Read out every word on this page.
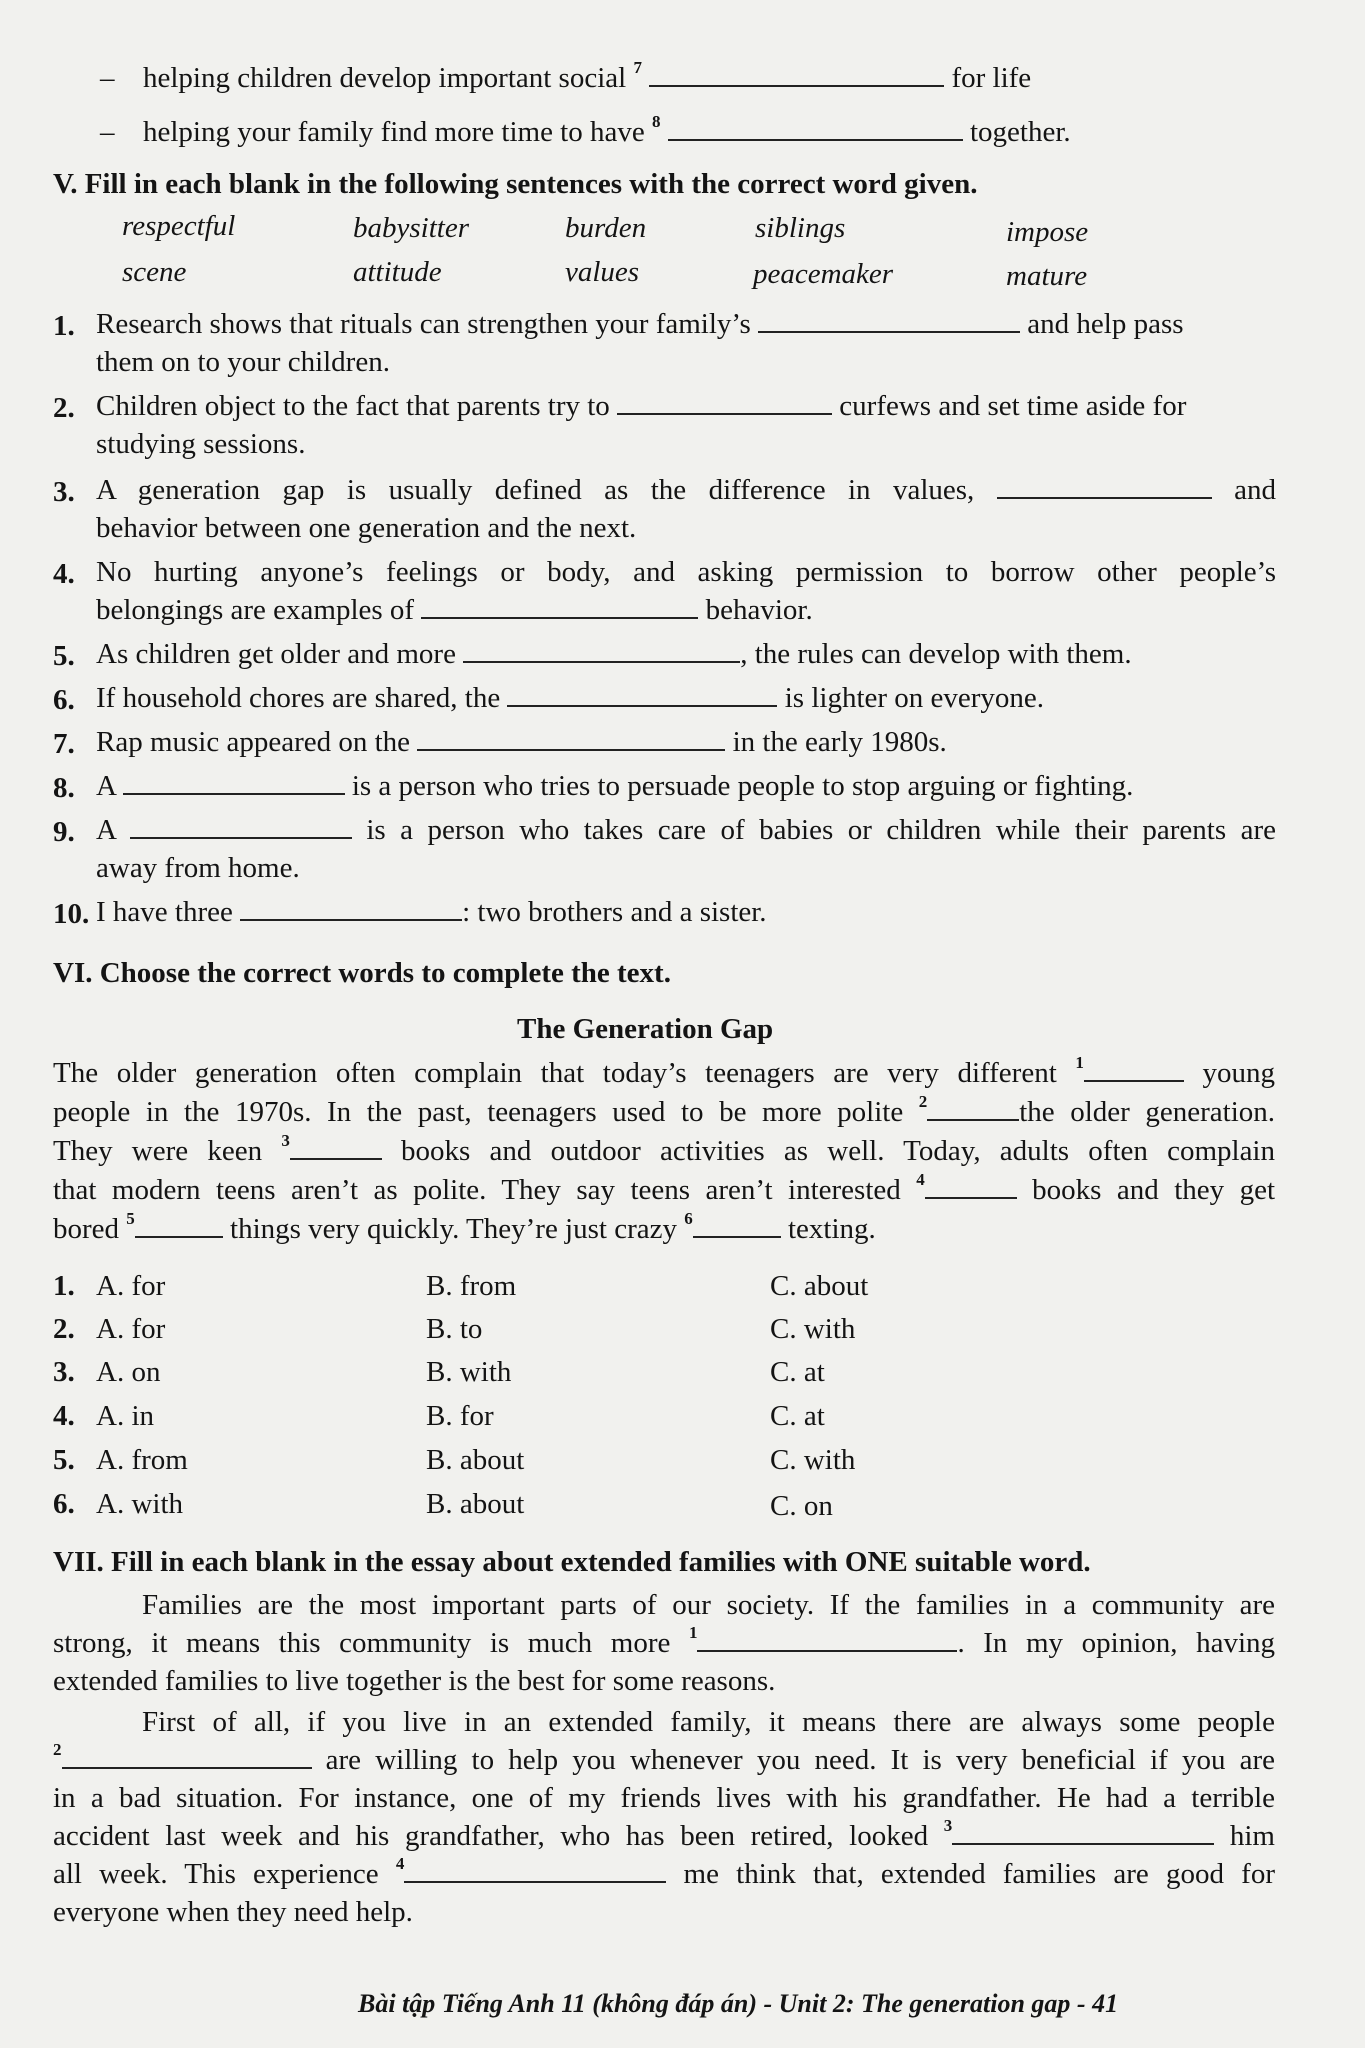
– helping children develop important social $^7$	for life
– helping your family find more time to have $^8$	together.
V. Fill in each blank in the following sentences with the correct word given.
respectful	babysitter	burden	siblings	impose
scene	attitude	values	peacemaker	mature
1. Research shows that rituals can strengthen your family’s	and help pass
them on to your children.
2. Children object to the fact that parents try to	curfews and set time aside for
studying sessions.
3. A generation gap is usually defined as the difference in values,	and
behavior between one generation and the next.
4. No hurting anyone’s feelings or body, and asking permission to borrow other people’s
belongings are examples of	behavior.
5. As children get older and more	, the rules can develop with them.
6. If household chores are shared, the	is lighter on everyone.
7. Rap music appeared on the	in the early 1980s.
8. A	is a person who tries to persuade people to stop arguing or fighting.
9. A	is a person who takes care of babies or children while their parents are
away from home.
10. I have three	: two brothers and a sister.
VI. Choose the correct words to complete the text.
The Generation Gap
The older generation often complain that today’s teenagers are very different $^1$	young
people in the 1970s. In the past, teenagers used to be more polite $^2$	the older generation.
They were keen $^3$	books and outdoor activities as well. Today, adults often complain
that modern teens aren’t as polite. They say teens aren’t interested $^4$	books and they get
bored $^5$	things very quickly. They’re just crazy $^6$	texting.
1. A. for	B. from	C. about
2. A. for	B. to	C. with
3. A. on	B. with	C. at
4. A. in	B. for	C. at
5. A. from	B. about	C. with
6. A. with	B. about	C. on
VII. Fill in each blank in the essay about extended families with ONE suitable word.
Families are the most important parts of our society. If the families in a community are
strong, it means this community is much more $^1$	. In my opinion, having
extended families to live together is the best for some reasons.
First of all, if you live in an extended family, it means there are always some people
$^2$	are willing to help you whenever you need. It is very beneficial if you are
in a bad situation. For instance, one of my friends lives with his grandfather. He had a terrible
accident last week and his grandfather, who has been retired, looked $^3$	him
all week. This experience $^4$	me think that, extended families are good for
everyone when they need help.
Bài tập Tiếng Anh 11 (không đáp án) - Unit 2: The generation gap - 41
